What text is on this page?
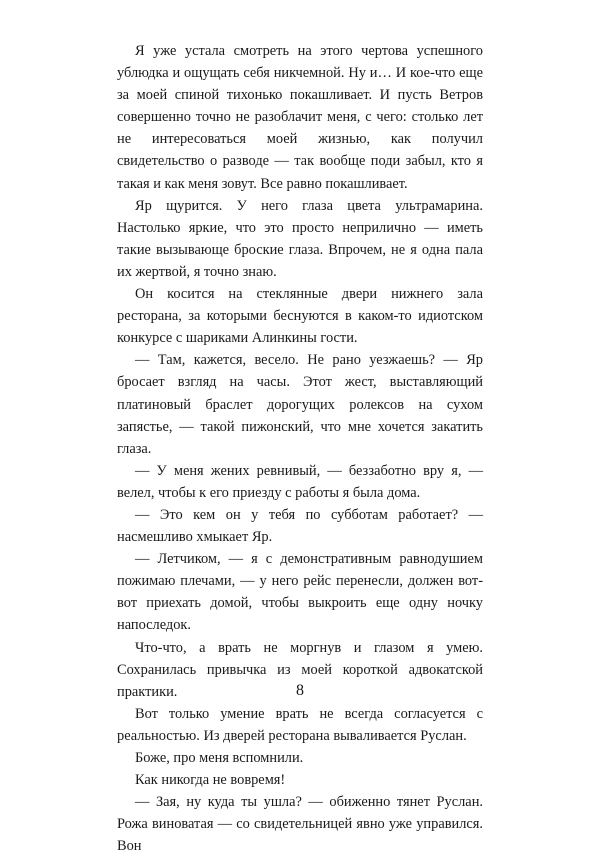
Я уже устала смотреть на этого чертова успешного ублюдка и ощущать себя никчемной. Ну и… И кое-что еще за моей спиной тихонько покашливает. И пусть Ветров совершенно точно не разоблачит меня, с чего: столько лет не интересоваться моей жизнью, как получил свидетельство о разводе — так вообще поди забыл, кто я такая и как меня зовут. Все равно покашливает.

Яр щурится. У него глаза цвета ультрамарина. Настолько яркие, что это просто неприлично — иметь такие вызывающе броские глаза. Впрочем, не я одна пала их жертвой, я точно знаю.

Он косится на стеклянные двери нижнего зала ресторана, за которыми беснуются в каком-то идиотском конкурсе с шариками Алинкины гости.

— Там, кажется, весело. Не рано уезжаешь? — Яр бросает взгляд на часы. Этот жест, выставляющий платиновый браслет дорогущих ролексов на сухом запястье, — такой пижонский, что мне хочется закатить глаза.

— У меня жених ревнивый, — беззаботно вру я, — велел, чтобы к его приезду с работы я была дома.

— Это кем он у тебя по субботам работает? — насмешливо хмыкает Яр.

— Летчиком, — я с демонстративным равнодушием пожимаю плечами, — у него рейс перенесли, должен вот-вот приехать домой, чтобы выкроить еще одну ночку напоследок.

Что-что, а врать не моргнув и глазом я умею. Сохранилась привычка из моей короткой адвокатской практики.

Вот только умение врать не всегда согласуется с реальностью. Из дверей ресторана вываливается Руслан.

Боже, про меня вспомнили.

Как никогда не вовремя!

— Зая, ну куда ты ушла? — обиженно тянет Руслан. Рожа виноватая — со свидетельницей явно уже управился. Вон

8
